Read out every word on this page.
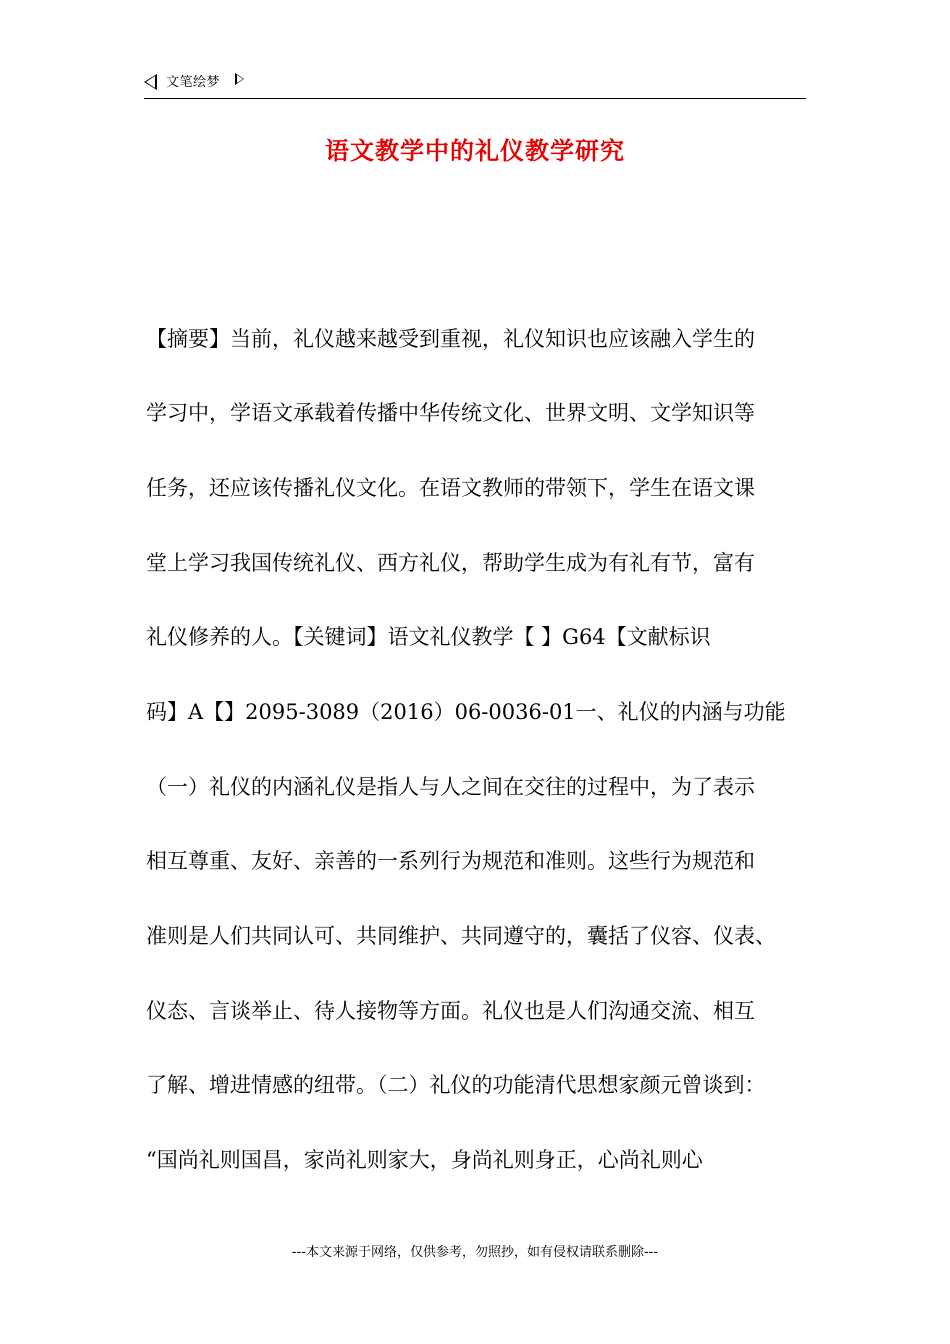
文笔绘梦
语文教学中的礼仪教学研究
【摘要】当前，礼仪越来越受到重视，礼仪知识也应该融入学生的
学习中，学语文承载着传播中华传统文化、世界文明、文学知识等
任务，还应该传播礼仪文化。在语文教师的带领下，学生在语文课
堂上学习我国传统礼仪、西方礼仪，帮助学生成为有礼有节，富有
礼仪修养的人。【关键词】语文礼仪教学【 】G64【文献标识
码】A【】2095-3089（2016）06-0036-01一、礼仪的内涵与功能
（一）礼仪的内涵礼仪是指人与人之间在交往的过程中，为了表示
相互尊重、友好、亲善的一系列行为规范和准则。这些行为规范和
准则是人们共同认可、共同维护、共同遵守的，囊括了仪容、仪表、
仪态、言谈举止、待人接物等方面。礼仪也是人们沟通交流、相互
了解、增进情感的纽带。（二）礼仪的功能清代思想家颜元曾谈到：
“国尚礼则国昌，家尚礼则家大，身尚礼则身正，心尚礼则心
---本文来源于网络，仅供参考，勿照抄，如有侵权请联系删除---
